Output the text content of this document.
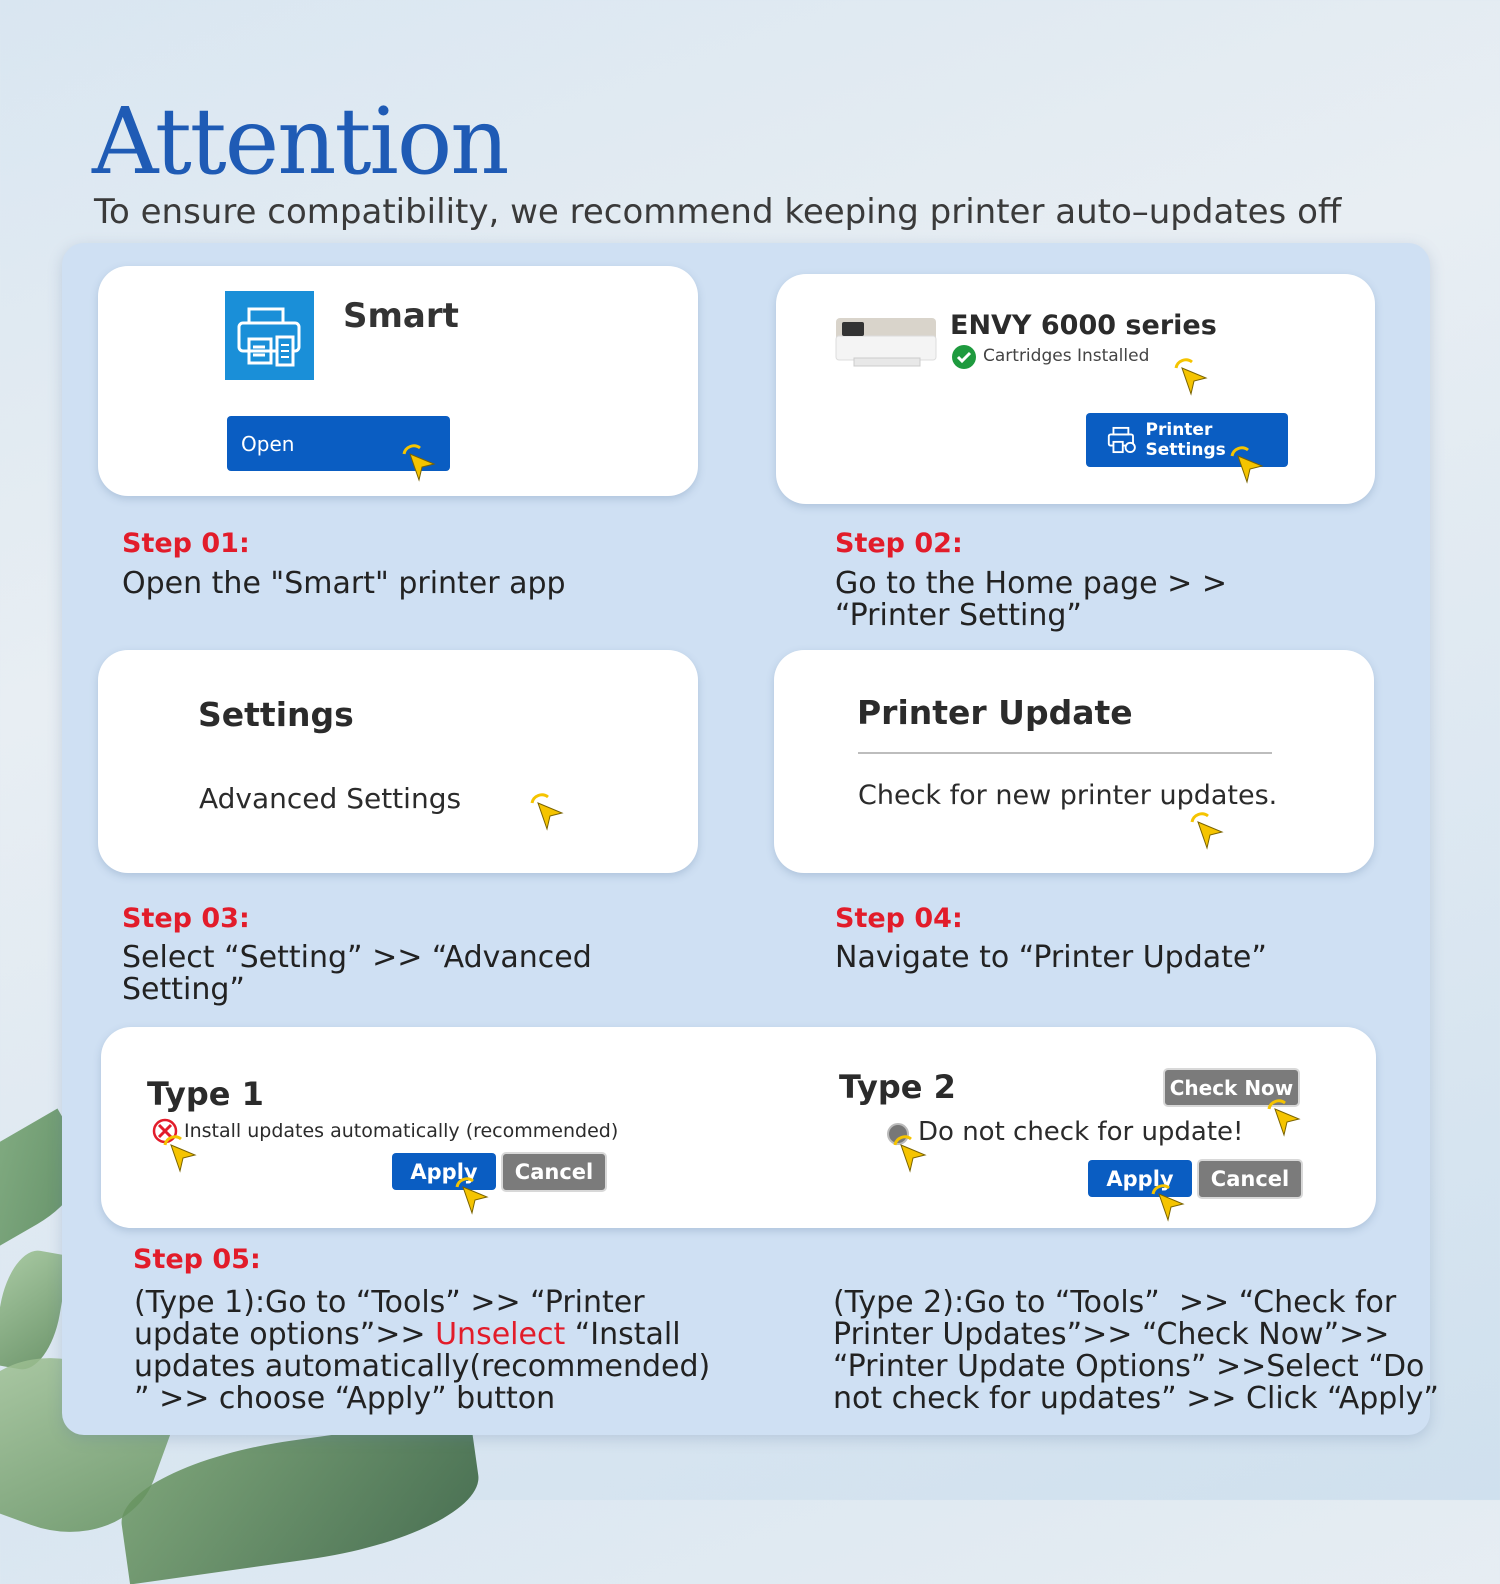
Attention
To ensure compatibility, we recommend keeping printer auto–updates off
Smart
Open
ENVY 6000 series
Cartridges Installed
Printer Settings
Step 01:
Open the "Smart" printer app
Step 02:
Go to the Home page > >
“Printer Setting”
Settings
Advanced Settings
Printer Update
Check for new printer updates.
Step 03:
Select “Setting” >> “Advanced
Setting”
Step 04:
Navigate to “Printer Update”
Type 1
Install updates automatically (recommended)
Apply Cancel
Type 2	Check Now
Do not check for update!
Apply Cancel
Step 05:
(Type 1):Go to “Tools” >> “Printer
update options”>> Unselect “Install
updates automatically(recommended)
” >> choose “Apply” button
(Type 2):Go to “Tools”  >> “Check for
Printer Updates”>> “Check Now”>>
“Printer Update Options” >>Select “Do
not check for updates” >> Click “Apply”
